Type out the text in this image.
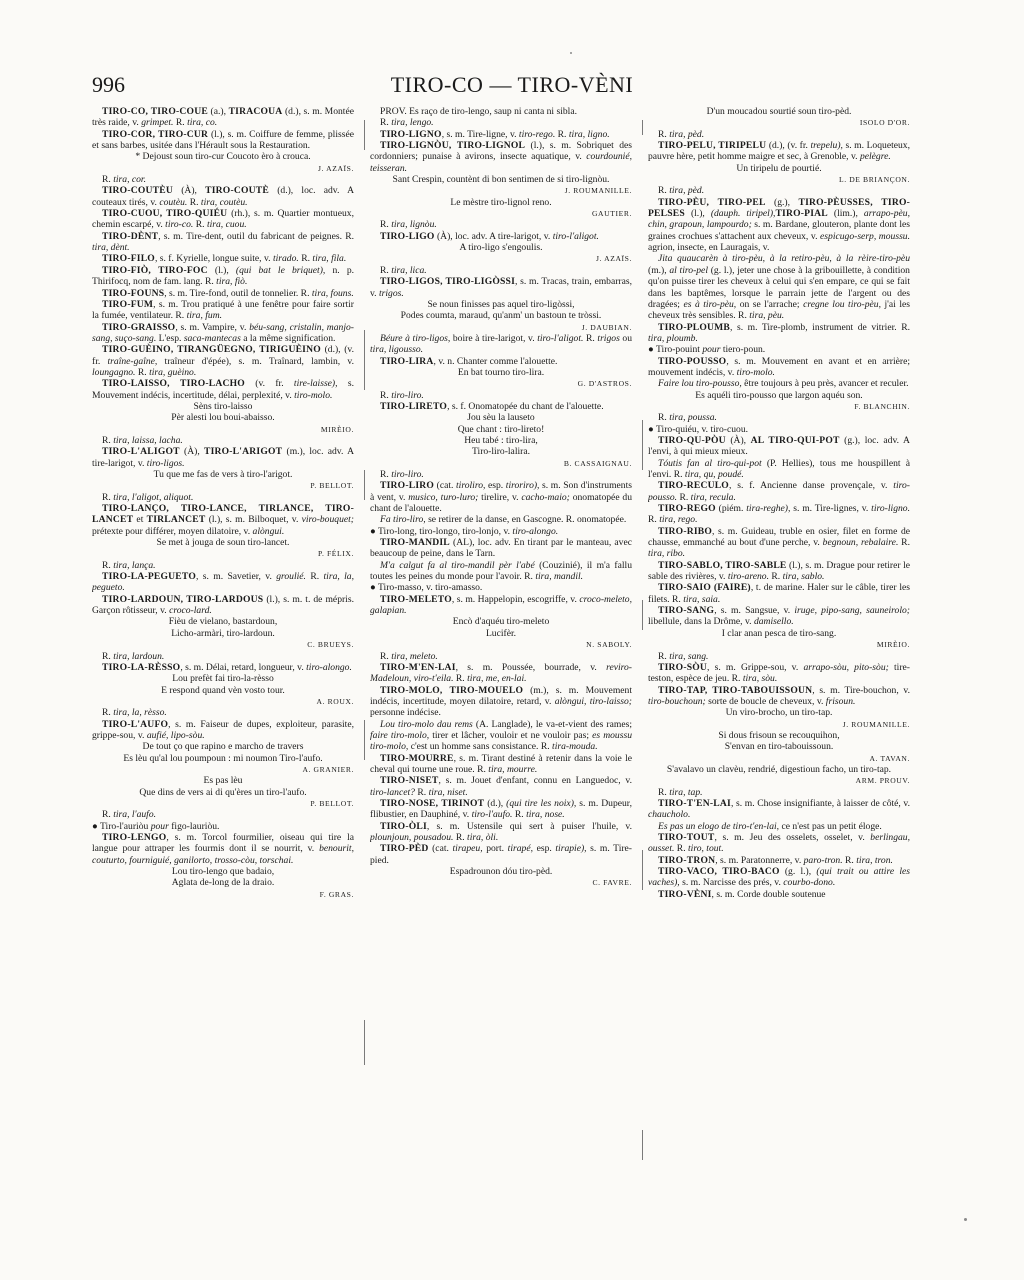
996	TIRO-CO — TIRO-VÈNI

TIRO-CO, TIRO-COUE (a.), TIRACOUA (d.), s. m. Montée très raide, v. grimpet. R. tira, co.

TIRO-COR, TIRO-CUR (l.), s. m. Coiffure de femme, plissée et sans barbes, usitée dans l'Hérault sous la Restauration.

* Dejoust soun tiro-cur Coucoto èro à crouca.

J. AZAÏS.

R. tira, cor.

TIRO-COUTÈU (À), TIRO-COUTÈ (d.), loc. adv. A couteaux tirés, v. coutèu. R. tira, coutèu.

TIRO-CUOU, TIRO-QUIÉU (rh.), s. m. Quartier montueux, chemin escarpé, v. tiro-co. R. tira, cuou.

TIRO-DÈNT, s. m. Tire-dent, outil du fabricant de peignes. R. tira, dènt.

TIRO-FILO, s. f. Kyrielle, longue suite, v. tirado. R. tira, fila.

TIRO-FIÒ, TIRO-FOC (l.), (qui bat le briquet), n. p. Thirifocq, nom de fam. lang. R. tira, fiò.

TIRO-FOUNS, s. m. Tire-fond, outil de tonnelier. R. tira, founs.

TIRO-FUM, s. m. Trou pratiqué à une fenêtre pour faire sortir la fumée, ventilateur. R. tira, fum.

TIRO-GRAISSO, s. m. Vampire, v. béu-sang, cristalin, manjo-sang, suço-sang. L'esp. saca-mantecas a la même signification.

TIRO-GUÈINO, TIRANGÜEGNO, TIRIGUÈINO (d.), (v. fr. traîne-gaîne, traîneur d'épée), s. m. Traînard, lambin, v. loungagno. R. tira, guèino.

TIRO-LAISSO, TIRO-LACHO (v. fr. tire-laisse), s. Mouvement indécis, incertitude, délai, perplexité, v. tiro-molo.

Sèns tiro-laisso

Pèr alesti lou boui-abaisso.

MIRÈIO.

R. tira, laissa, lacha.

TIRO-L'ALIGOT (À), TIRO-L'ARIGOT (m.), loc. adv. A tire-larigot, v. tiro-ligos.

Tu que me fas de vers à tiro-l'arigot.

P. BELLOT.

R. tira, l'aligot, aliquot.

TIRO-LANÇO, TIRO-LANCE, TIRLANCE, TIRO-LANCET et TIRLANCET (l.), s. m. Bilboquet, v. viro-bouquet; prétexte pour différer, moyen dilatoire, v. alòngui.

Se met à jouga de soun tiro-lancet.

P. FÉLIX.

R. tira, lança.

TIRO-LA-PEGUETO, s. m. Savetier, v. groulié. R. tira, la, pegueto.

TIRO-LARDOUN, TIRO-LARDOUS (l.), s. m. t. de mépris. Garçon rôtisseur, v. croco-lard.

Fièu de vielano, bastardoun,

Licho-armàri, tiro-lardoun.

C. BRUEYS.

R. tira, lardoun.

TIRO-LA-RÈSSO, s. m. Délai, retard, longueur, v. tiro-alongo.

Lou prefèt fai tiro-la-rèsso

E respond quand vèn vosto tour.

A. ROUX.

R. tira, la, rèsso.

TIRO-L'AUFO, s. m. Faiseur de dupes, exploiteur, parasite, grippe-sou, v. aufié, lipo-sòu.

De tout ço que rapino e marcho de travers

Es lèu qu'al lou poumpoun : mi noumon Tiro-l'aufo.

A. GRANIER.

Es pas lèu

Que dins de vers ai di qu'ères un tiro-l'aufo.

P. BELLOT.

R. tira, l'aufo.

● Tiro-l'auriòu pour figo-lauriòu.

TIRO-LENGO, s. m. Torcol fourmilier, oiseau qui tire la langue pour attraper les fourmis dont il se nourrit, v. benourit, couturto, fourniguié, ganilorto, trosso-còu, torschai.

Lou tiro-lengo que badaio,

Aglata de-long de la draio.

F. GRAS.

PROV. Es raço de tiro-lengo, saup ni canta ni sibla.

R. tira, lengo.

TIRO-LIGNO, s. m. Tire-ligne, v. tiro-rego. R. tira, ligno.

TIRO-LIGNÒU, TIRO-LIGNOL (l.), s. m. Sobriquet des cordonniers; punaise à avirons, insecte aquatique, v. courdounié, teisseran.

Sant Crespin, countènt di bon sentimen de si tiro-lignòu.

J. ROUMANILLE.

Le mèstre tiro-lignol reno.

GAUTIER.

R. tira, lignòu.

TIRO-LIGO (À), loc. adv. A tire-larigot, v. tiro-l'aligot.

A tiro-ligo s'engoulis.

J. AZAÏS.

R. tira, lica.

TIRO-LIGOS, TIRO-LIGÒSSI, s. m. Tracas, train, embarras, v. trigos.

Se noun finisses pas aquel tiro-ligòssi,

Podes coumta, maraud, qu'anm' un bastoun te tròssi.

J. DAUBIAN.

Béure à tiro-ligos, boire à tire-larigot, v. tiro-l'aligot. R. trigos ou tira, ligousso.

TIRO-LIRA, v. n. Chanter comme l'alouette.

En bat tourno tiro-lira.

G. D'ASTROS.

R. tiro-liro.

TIRO-LIRETO, s. f. Onomatopée du chant de l'alouette.

Jou sèu la lauseto

Que chant : tiro-lireto!

Heu tabé : tiro-lira,

Tiro-liro-lalira.

B. CASSAIGNAU.

R. tiro-liro.

TIRO-LIRO (cat. tiroliro, esp. tiroriro), s. m. Son d'instruments à vent, v. musico, turo-luro; tirelire, v. cacho-maio; onomatopée du chant de l'alouette.

Fa tiro-liro, se retirer de la danse, en Gascogne. R. onomatopée.

● Tiro-long, tiro-longo, tiro-lonjo, v. tiro-alongo.

TIRO-MANDIL (AL), loc. adv. En tirant par le manteau, avec beaucoup de peine, dans le Tarn.

M'a calgut fa al tiro-mandil pèr l'abé (Couzinié), il m'a fallu toutes les peines du monde pour l'avoir. R. tira, mandil.

● Tiro-masso, v. tiro-amasso.

TIRO-MELETO, s. m. Happelopin, escogriffe, v. croco-meleto, galapian.

Encò d'aquéu tiro-meleto

Lucifèr.

N. SABOLY.

R. tira, meleto.

TIRO-M'EN-LAI, s. m. Poussée, bourrade, v. reviro-Madeloun, viro-t'eila. R. tira, me, en-lai.

TIRO-MOLO, TIRO-MOUELO (m.), s. m. Mouvement indécis, incertitude, moyen dilatoire, retard, v. alòngui, tiro-laisso; personne indécise.

Lou tiro-molo dau rems (A. Langlade), le va-et-vient des rames; faire tiro-molo, tirer et lâcher, vouloir et ne vouloir pas; es moussu tiro-molo, c'est un homme sans consistance. R. tira-mouda.

TIRO-MOURRE, s. m. Tirant destiné à retenir dans la voie le cheval qui tourne une roue. R. tira, mourre.

TIRO-NISET, s. m. Jouet d'enfant, connu en Languedoc, v. tiro-lancet? R. tira, niset.

TIRO-NOSE, TIRINOT (d.), (qui tire les noix), s. m. Dupeur, flibustier, en Dauphiné, v. tiro-l'aufo. R. tira, nose.

TIRO-ÒLI, s. m. Ustensile qui sert à puiser l'huile, v. plounjoun, pousadou. R. tira, òli.

TIRO-PÈD (cat. tirapeu, port. tirapé, esp. tirapie), s. m. Tire-pied.

Espadrounon dóu tiro-pèd.

C. FAVRE.

D'un moucadou sourtié soun tiro-pèd.

ISOLO D'OR.

R. tira, pèd.

TIRO-PELU, TIRIPELU (d.), (v. fr. trepelu), s. m. Loqueteux, pauvre hère, petit homme maigre et sec, à Grenoble, v. pelègre.

Un tiripelu de pourtié.

L. DE BRIANÇON.

R. tira, pèd.

TIRO-PÈU, TIRO-PEL (g.), TIRO-PÈUSSES, TIRO-PELSES (l.), (dauph. tiripel),TIRO-PIAL (lim.), arrapo-pèu, chin, grapoun, lampourdo; s. m. Bardane, glouteron, plante dont les graines crochues s'attachent aux cheveux, v. espicugo-serp, moussu. agrion, insecte, en Lauragais, v.

Jita quaucarèn à tiro-pèu, à la retiro-pèu, à la rèire-tiro-pèu (m.), al tiro-pel (g. l.), jeter une chose à la gribouillette, à condition qu'on puisse tirer les cheveux à celui qui s'en empare, ce qui se fait dans les baptêmes, lorsque le parrain jette de l'argent ou des dragées; es à tiro-pèu, on se l'arrache; cregne lou tiro-pèu, j'ai les cheveux très sensibles. R. tira, pèu.

TIRO-PLOUMB, s. m. Tire-plomb, instrument de vitrier. R. tira, ploumb.

● Tiro-pouint pour tiero-poun.

TIRO-POUSSO, s. m. Mouvement en avant et en arrière; mouvement indécis, v. tiro-molo.

Faire lou tiro-pousso, être toujours à peu près, avancer et reculer.

Es aquéli tiro-pousso que largon aquéu son.

F. BLANCHIN.

R. tira, poussa.

● Tiro-quiéu, v. tiro-cuou.

TIRO-QU-PÒU (À), AL TIRO-QUI-POT (g.), loc. adv. A l'envi, à qui mieux mieux.

Tóutis fan al tiro-qui-pot (P. Hellies), tous me houspillent à l'envi. R. tira, qu, poudé.

TIRO-RECULO, s. f. Ancienne danse provençale, v. tiro-pousso. R. tira, recula.

TIRO-REGO (piém. tira-reghe), s. m. Tire-lignes, v. tiro-ligno. R. tira, rego.

TIRO-RIBO, s. m. Guideau, truble en osier, filet en forme de chausse, emmanché au bout d'une perche, v. begnoun, rebalaire. R. tira, ribo.

TIRO-SABLO, TIRO-SABLE (l.), s. m. Drague pour retirer le sable des rivières, v. tiro-areno. R. tira, sablo.

TIRO-SAIO (FAIRE), t. de marine. Haler sur le câble, tirer les filets. R. tira, saia.

TIRO-SANG, s. m. Sangsue, v. iruge, pipo-sang, sauneirolo; libellule, dans la Drôme, v. damisello.

I clar anan pesca de tiro-sang.

MIRÈIO.

R. tira, sang.

TIRO-SÒU, s. m. Grippe-sou, v. arrapo-sòu, pito-sòu; tire-teston, espèce de jeu. R. tira, sòu.

TIRO-TAP, TIRO-TABOUISSOUN, s. m. Tire-bouchon, v. tiro-bouchoun; sorte de boucle de cheveux, v. frisoun.

Un viro-brocho, un tiro-tap.

J. ROUMANILLE.

Si dous frisoun se recouquihon,

S'envan en tiro-tabouissoun.

A. TAVAN.

S'avalavo un clavèu, rendrié, digestioun facho, un tiro-tap.

ARM. PROUV.

R. tira, tap.

TIRO-T'EN-LAI, s. m. Chose insignifiante, à laisser de côté, v. chaucholo.

Es pas un elogo de tiro-t'en-lai, ce n'est pas un petit éloge.

TIRO-TOUT, s. m. Jeu des osselets, osselet, v. berlingau, ousset. R. tiro, tout.

TIRO-TRON, s. m. Paratonnerre, v. paro-tron. R. tira, tron.

TIRO-VACO, TIRO-BACO (g. l.), (qui trait ou attire les vaches), s. m. Narcisse des prés, v. courbo-dono.

TIRO-VÈNI, s. m. Corde double soutenue
